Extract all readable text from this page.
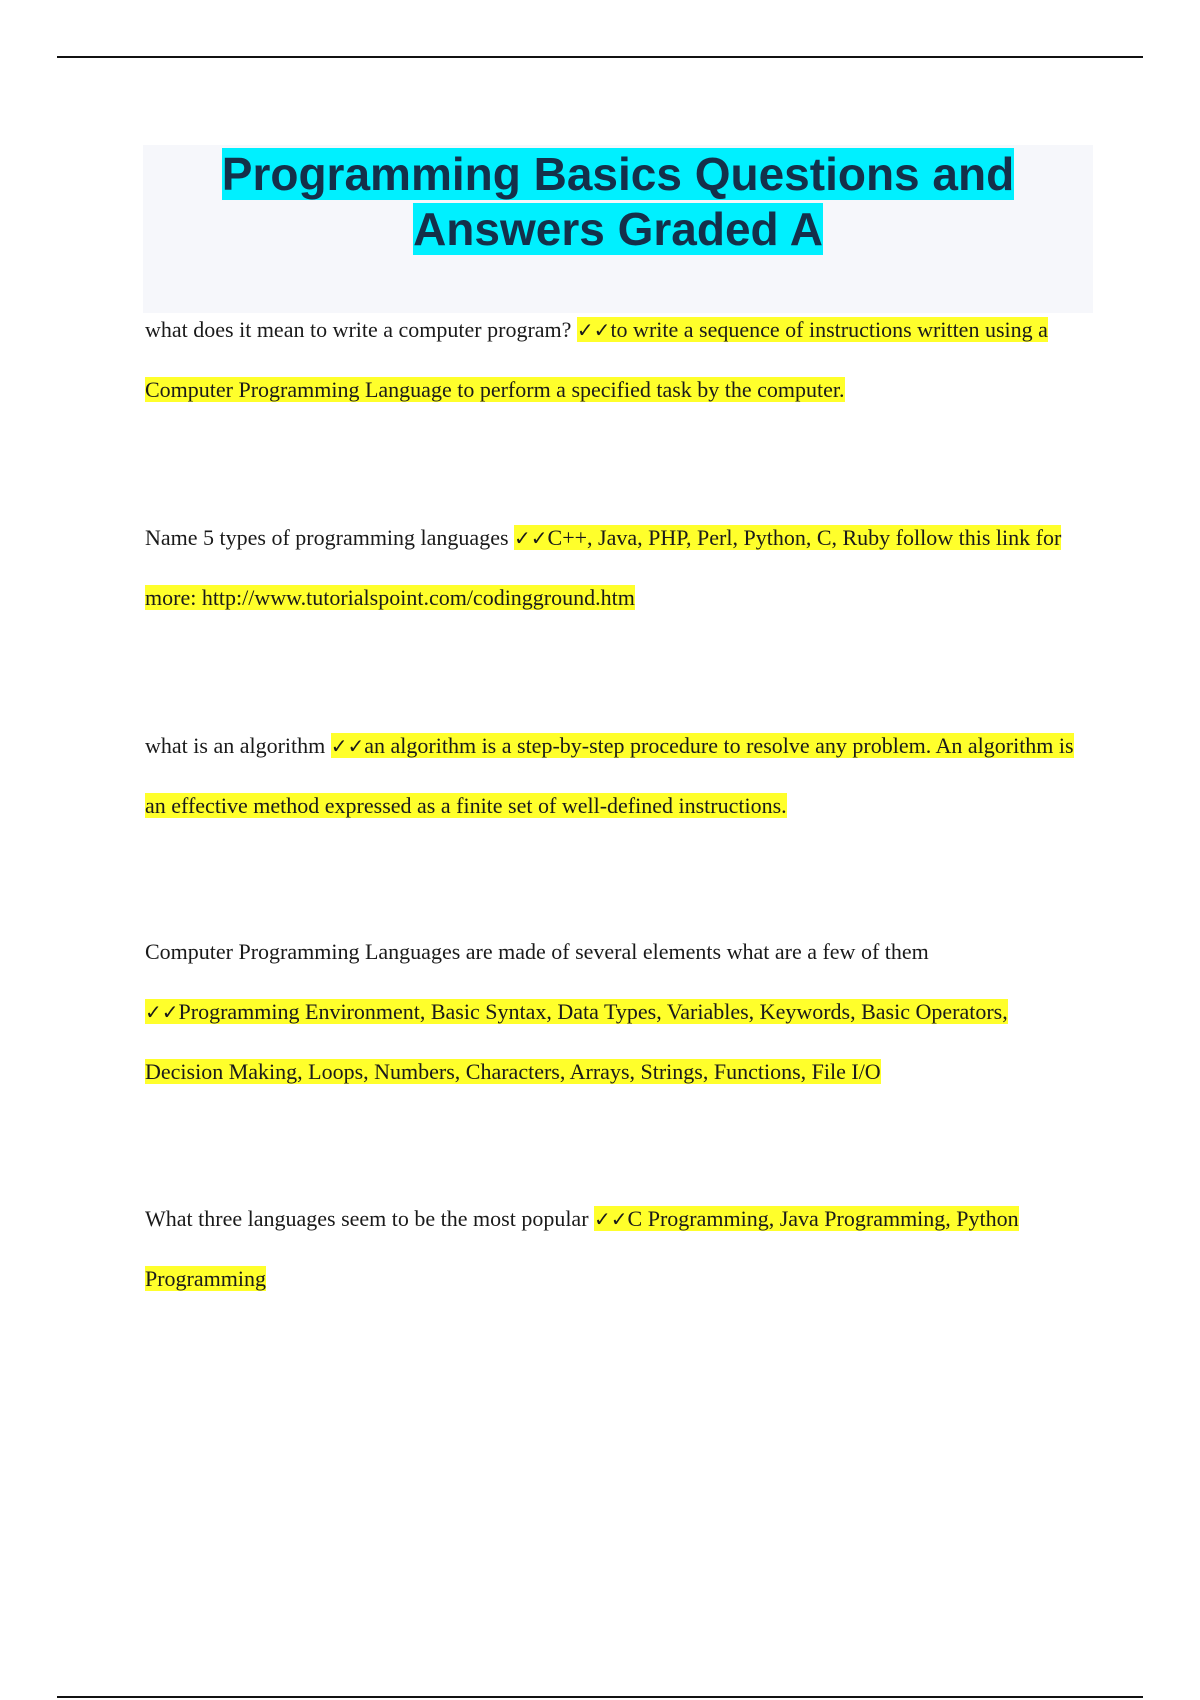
Programming Basics Questions and Answers Graded A
what does it mean to write a computer program? ✓✓to write a sequence of instructions written using a Computer Programming Language to perform a specified task by the computer.
Name 5 types of programming languages ✓✓C++, Java, PHP, Perl, Python, C, Ruby follow this link for more: http://www.tutorialspoint.com/codingground.htm
what is an algorithm ✓✓an algorithm is a step-by-step procedure to resolve any problem. An algorithm is an effective method expressed as a finite set of well-defined instructions.
Computer Programming Languages are made of several elements what are a few of them ✓✓Programming Environment, Basic Syntax, Data Types, Variables, Keywords, Basic Operators, Decision Making, Loops, Numbers, Characters, Arrays, Strings, Functions, File I/O
What three languages seem to be the most popular ✓✓C Programming, Java Programming, Python Programming
